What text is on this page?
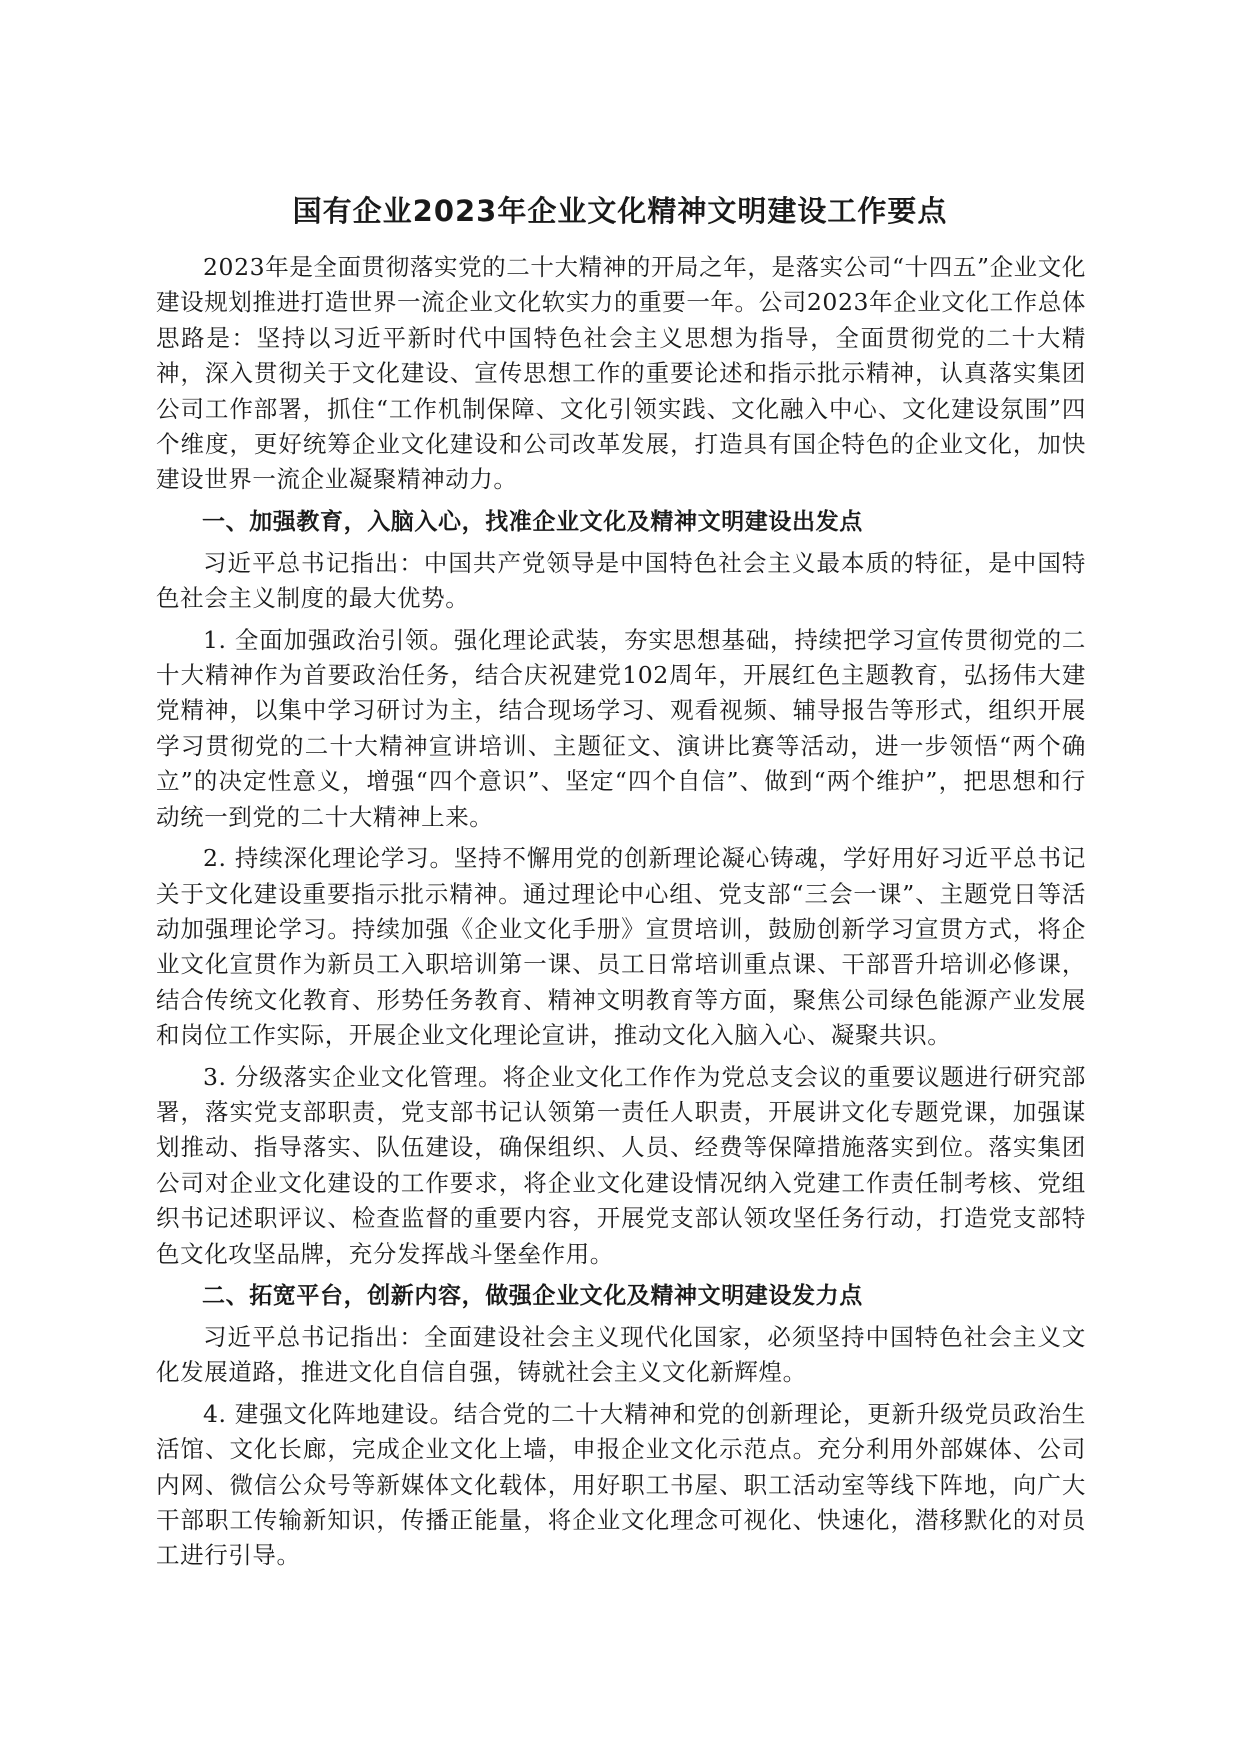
国有企业2023年企业文化精神文明建设工作要点

2023年是全面贯彻落实党的二十大精神的开局之年，是落实公司“十四五”企业文化建设规划推进打造世界一流企业文化软实力的重要一年。公司2023年企业文化工作总体思路是：坚持以习近平新时代中国特色社会主义思想为指导，全面贯彻党的二十大精神，深入贯彻关于文化建设、宣传思想工作的重要论述和指示批示精神，认真落实集团公司工作部署，抓住“工作机制保障、文化引领实践、文化融入中心、文化建设氛围”四个维度，更好统筹企业文化建设和公司改革发展，打造具有国企特色的企业文化，加快建设世界一流企业凝聚精神动力。

一、加强教育，入脑入心，找准企业文化及精神文明建设出发点

习近平总书记指出：中国共产党领导是中国特色社会主义最本质的特征，是中国特色社会主义制度的最大优势。

1. 全面加强政治引领。强化理论武装，夯实思想基础，持续把学习宣传贯彻党的二十大精神作为首要政治任务，结合庆祝建党102周年，开展红色主题教育，弘扬伟大建党精神，以集中学习研讨为主，结合现场学习、观看视频、辅导报告等形式，组织开展学习贯彻党的二十大精神宣讲培训、主题征文、演讲比赛等活动，进一步领悟“两个确立”的决定性意义，增强“四个意识”、坚定“四个自信”、做到“两个维护”，把思想和行动统一到党的二十大精神上来。

2. 持续深化理论学习。坚持不懈用党的创新理论凝心铸魂，学好用好习近平总书记关于文化建设重要指示批示精神。通过理论中心组、党支部“三会一课”、主题党日等活动加强理论学习。持续加强《企业文化手册》宣贯培训，鼓励创新学习宣贯方式，将企业文化宣贯作为新员工入职培训第一课、员工日常培训重点课、干部晋升培训必修课，结合传统文化教育、形势任务教育、精神文明教育等方面，聚焦公司绿色能源产业发展和岗位工作实际，开展企业文化理论宣讲，推动文化入脑入心、凝聚共识。

3. 分级落实企业文化管理。将企业文化工作作为党总支会议的重要议题进行研究部署，落实党支部职责，党支部书记认领第一责任人职责，开展讲文化专题党课，加强谋划推动、指导落实、队伍建设，确保组织、人员、经费等保障措施落实到位。落实集团公司对企业文化建设的工作要求，将企业文化建设情况纳入党建工作责任制考核、党组织书记述职评议、检查监督的重要内容，开展党支部认领攻坚任务行动，打造党支部特色文化攻坚品牌，充分发挥战斗堡垒作用。

二、拓宽平台，创新内容，做强企业文化及精神文明建设发力点

习近平总书记指出：全面建设社会主义现代化国家，必须坚持中国特色社会主义文化发展道路，推进文化自信自强，铸就社会主义文化新辉煌。

4. 建强文化阵地建设。结合党的二十大精神和党的创新理论，更新升级党员政治生活馆、文化长廊，完成企业文化上墙，申报企业文化示范点。充分利用外部媒体、公司内网、微信公众号等新媒体文化载体，用好职工书屋、职工活动室等线下阵地，向广大干部职工传输新知识，传播正能量，将企业文化理念可视化、快速化，潜移默化的对员工进行引导。
